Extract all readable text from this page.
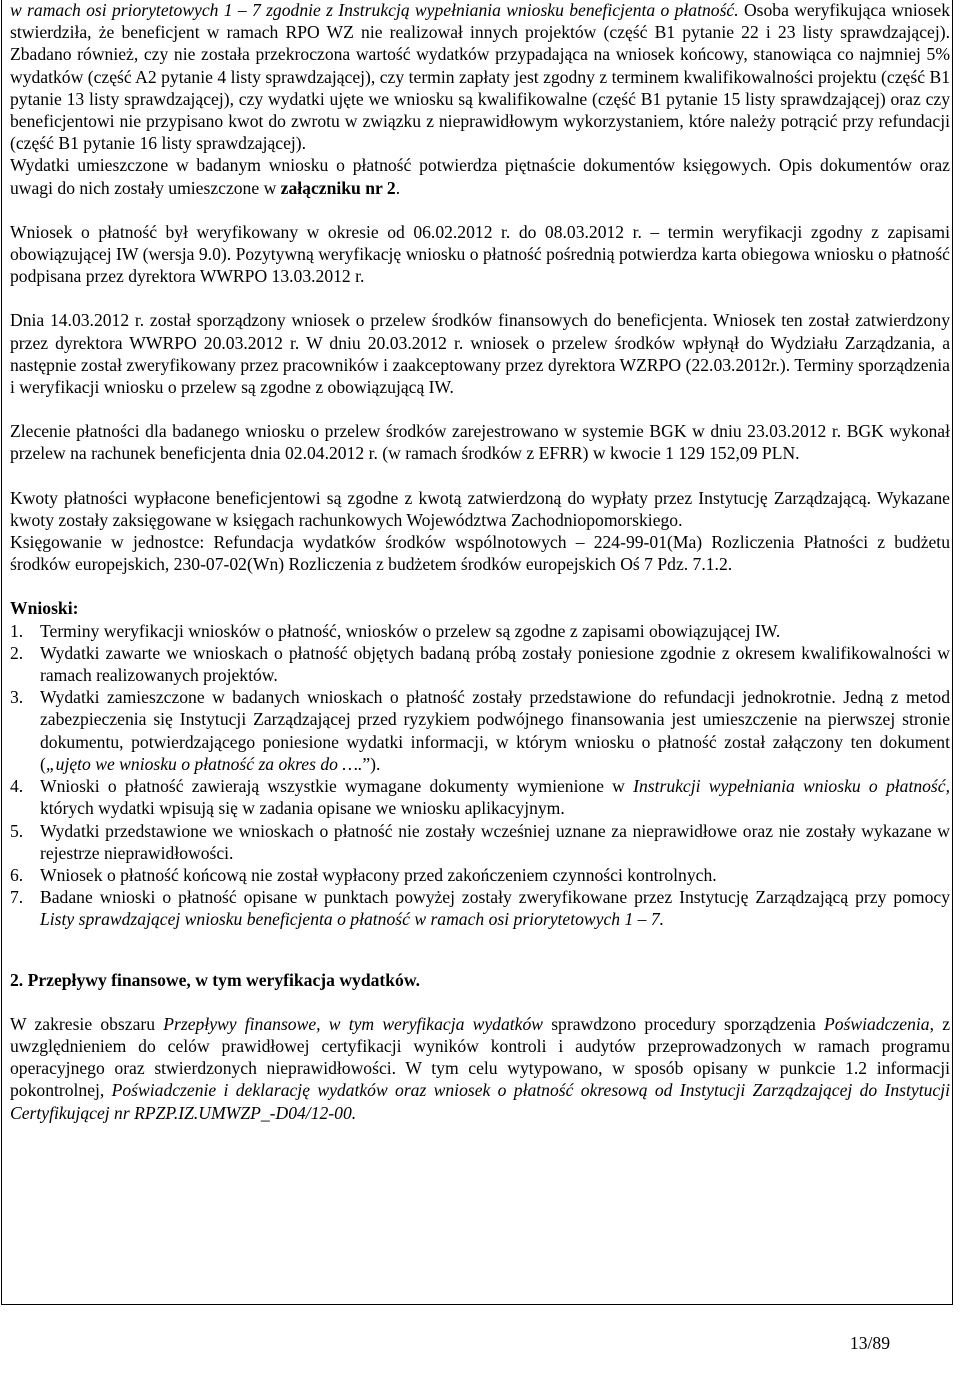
w ramach osi priorytetowych 1 – 7 zgodnie z Instrukcją wypełniania wniosku beneficjenta o płatność. Osoba weryfikująca wniosek stwierdziła, że beneficjent w ramach RPO WZ nie realizował innych projektów (część B1 pytanie 22 i 23 listy sprawdzającej). Zbadano również, czy nie została przekroczona wartość wydatków przypadająca na wniosek końcowy, stanowiąca co najmniej 5% wydatków (część A2 pytanie 4 listy sprawdzającej), czy termin zapłaty jest zgodny z terminem kwalifikowalności projektu (część B1 pytanie 13 listy sprawdzającej), czy wydatki ujęte we wniosku są kwalifikowalne (część B1 pytanie 15 listy sprawdzającej) oraz czy beneficjentowi nie przypisano kwot do zwrotu w związku z nieprawidłowym wykorzystaniem, które należy potrącić przy refundacji (część B1 pytanie 16 listy sprawdzającej).

Wydatki umieszczone w badanym wniosku o płatność potwierdza piętnaście dokumentów księgowych. Opis dokumentów oraz uwagi do nich zostały umieszczone w załączniku nr 2.

Wniosek o płatność był weryfikowany w okresie od 06.02.2012 r. do 08.03.2012 r. – termin weryfikacji zgodny z zapisami obowiązującej IW (wersja 9.0). Pozytywną weryfikację wniosku o płatność pośrednią potwierdza karta obiegowa wniosku o płatność podpisana przez dyrektora WWRPO 13.03.2012 r.

Dnia 14.03.2012 r. został sporządzony wniosek o przelew środków finansowych do beneficjenta. Wniosek ten został zatwierdzony przez dyrektora WWRPO 20.03.2012 r. W dniu 20.03.2012 r. wniosek o przelew środków wpłynął do Wydziału Zarządzania, a następnie został zweryfikowany przez pracowników i zaakceptowany przez dyrektora WZRPO (22.03.2012r.). Terminy sporządzenia i weryfikacji wniosku o przelew są zgodne z obowiązującą IW.

Zlecenie płatności dla badanego wniosku o przelew środków zarejestrowano w systemie BGK w dniu 23.03.2012 r. BGK wykonał przelew na rachunek beneficjenta dnia 02.04.2012 r. (w ramach środków z EFRR) w kwocie 1 129 152,09 PLN.

Kwoty płatności wypłacone beneficjentowi są zgodne z kwotą zatwierdzoną do wypłaty przez Instytucję Zarządzającą. Wykazane kwoty zostały zaksięgowane w księgach rachunkowych Województwa Zachodniopomorskiego.

Księgowanie w jednostce: Refundacja wydatków środków wspólnotowych – 224-99-01(Ma) Rozliczenia Płatności z budżetu środków europejskich, 230-07-02(Wn) Rozliczenia z budżetem środków europejskich Oś 7 Pdz. 7.1.2.

Wnioski:

1. Terminy weryfikacji wniosków o płatność, wniosków o przelew są zgodne z zapisami obowiązującej IW.
2. Wydatki zawarte we wnioskach o płatność objętych badaną próbą zostały poniesione zgodnie z okresem kwalifikowalności w ramach realizowanych projektów.
3. Wydatki zamieszczone w badanych wnioskach o płatność zostały przedstawione do refundacji jednokrotnie. Jedną z metod zabezpieczenia się Instytucji Zarządzającej przed ryzykiem podwójnego finansowania jest umieszczenie na pierwszej stronie dokumentu, potwierdzającego poniesione wydatki informacji, w którym wniosku o płatność został załączony ten dokument („ujęto we wniosku o płatność za okres do ….”).
4. Wnioski o płatność zawierają wszystkie wymagane dokumenty wymienione w Instrukcji wypełniania wniosku o płatność, których wydatki wpisują się w zadania opisane we wniosku aplikacyjnym.
5. Wydatki przedstawione we wnioskach o płatność nie zostały wcześniej uznane za nieprawidłowe oraz nie zostały wykazane w rejestrze nieprawidłowości.
6. Wniosek o płatność końcową nie został wypłacony przed zakończeniem czynności kontrolnych.
7. Badane wnioski o płatność opisane w punktach powyżej zostały zweryfikowane przez Instytucję Zarządzającą przy pomocy Listy sprawdzającej wniosku beneficjenta o płatność w ramach osi priorytetowych 1 – 7.

2. Przepływy finansowe, w tym weryfikacja wydatków.

W zakresie obszaru Przepływy finansowe, w tym weryfikacja wydatków sprawdzono procedury sporządzenia Poświadczenia, z uwzględnieniem do celów prawidłowej certyfikacji wyników kontroli i audytów przeprowadzonych w ramach programu operacyjnego oraz stwierdzonych nieprawidłowości. W tym celu wytypowano, w sposób opisany w punkcie 1.2 informacji pokontrolnej, Poświadczenie i deklarację wydatków oraz wniosek o płatność okresową od Instytucji Zarządzającej do Instytucji Certyfikującej nr RPZP.IZ.UMWZP_-D04/12-00.

13/89
